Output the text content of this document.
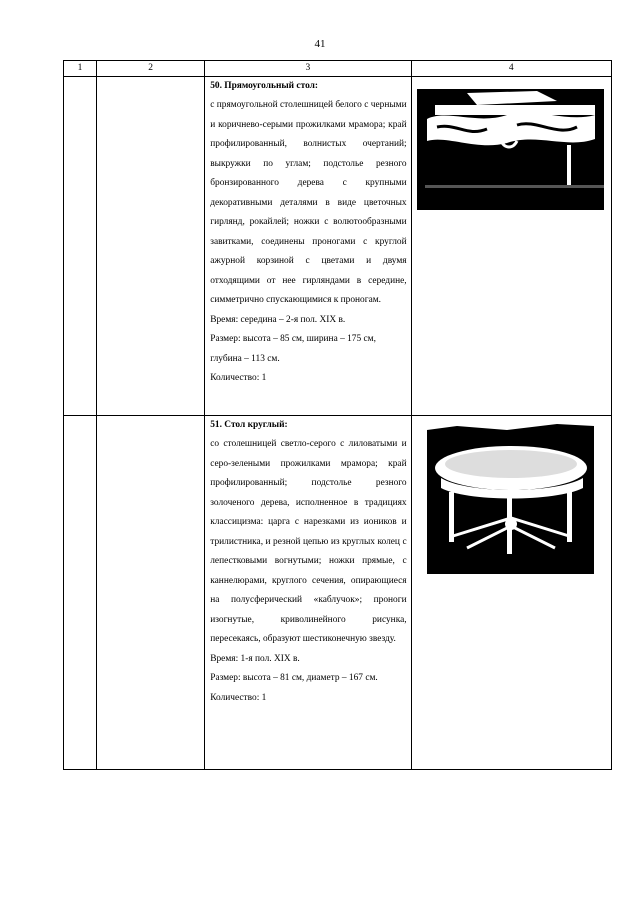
41
1	2	3	4

		50. Прямоугольный стол:
с прямоугольной столешницей белого с черными и коричнево-серыми прожилками мрамора; край профилированный, волнистых очертаний; выкружки по углам; подстолье резного бронзированного дерева с крупными декоративными деталями в виде цветочных гирлянд, рокайлей; ножки с волютообразными завитками, соединены проногами с круглой ажурной корзиной с цветами и двумя отходящими от нее гирляндами в середине, симметрично спускающимися к проногам.
Время: середина – 2-я пол. XIX в.
Размер: высота – 85 см, ширина – 175 см, глубина – 113 см.
Количество: 1

		51. Стол круглый:
со столешницей светло-серого с лиловатыми и серо-зелеными прожилками мрамора; край профилированный; подстолье резного золоченого дерева, исполненное в традициях классицизма: царга с нарезками из иоников и трилистника, и резной цепью из круглых колец с лепестковыми вогнутыми; ножки прямые, с каннелюрами, круглого сечения, опирающиеся на полусферический «каблучок»; проноги изогнутые, криволинейного рисунка, пересекаясь, образуют шестиконечную звезду.
Время: 1-я пол. XIX в.
Размер: высота – 81 см, диаметр – 167 см.
Количество: 1
